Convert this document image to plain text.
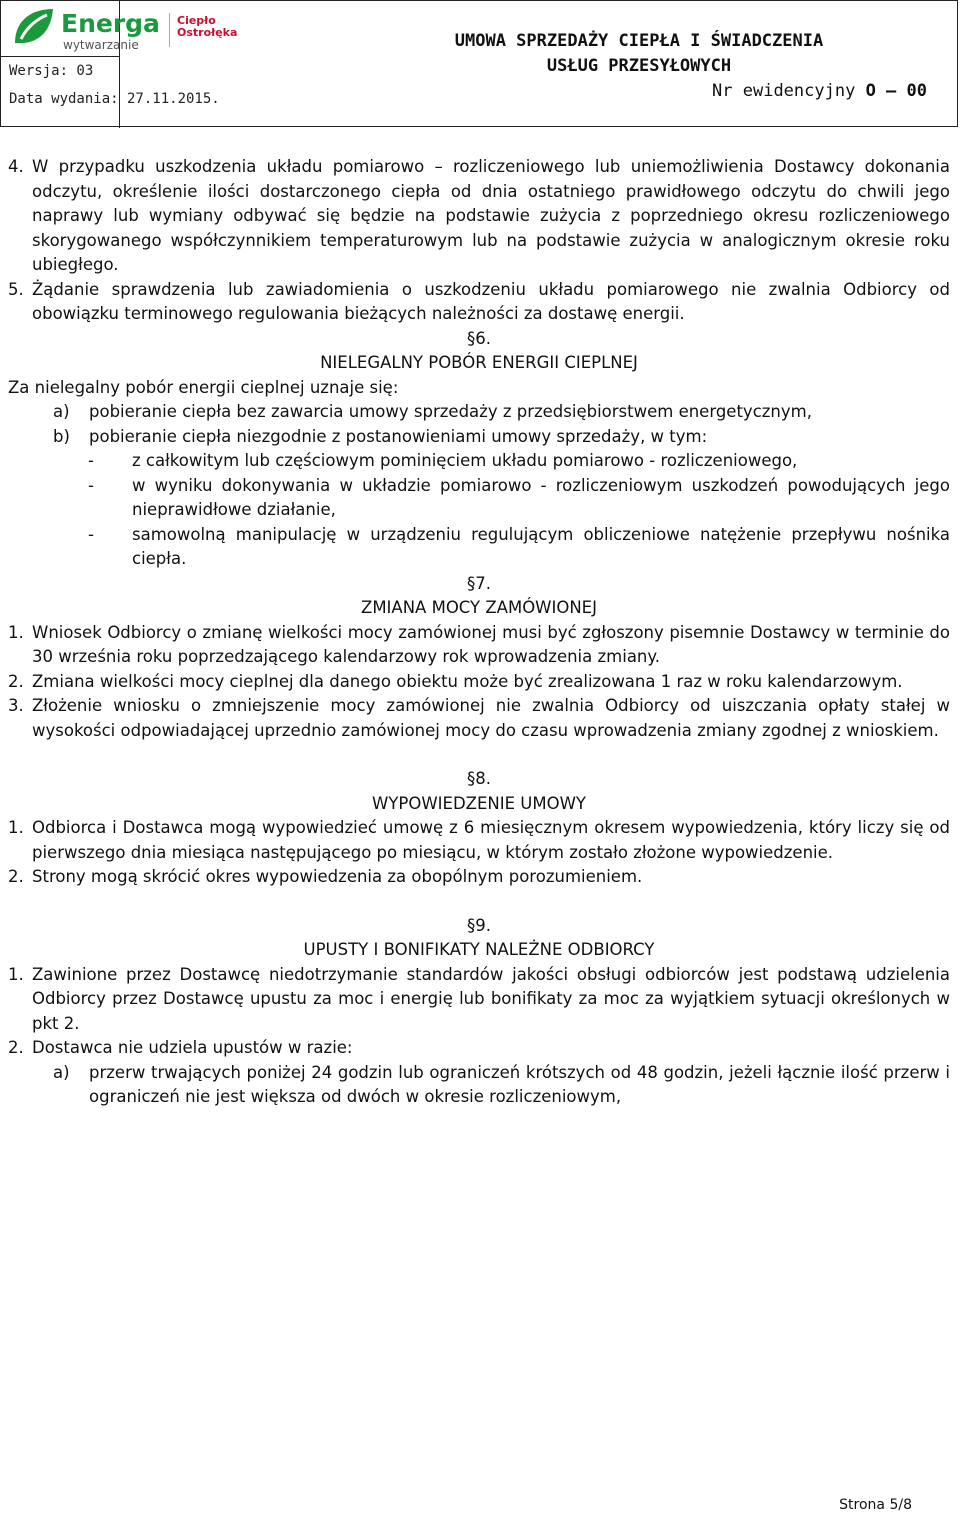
Energa
wytwarzanie
Ciepło
Ostrołęka
Wersja: 03
Data wydania: 27.11.2015.
UMOWA SPRZEDAŻY CIEPŁA I ŚWIADCZENIA
USŁUG PRZESYŁOWYCH
Nr ewidencyjny O – 00
4. W przypadku uszkodzenia układu pomiarowo – rozliczeniowego lub uniemożliwienia Dostawcy dokonania odczytu, określenie ilości dostarczonego ciepła od dnia ostatniego prawidłowego odczytu do chwili jego naprawy lub wymiany odbywać się będzie na podstawie zużycia z poprzedniego okresu rozliczeniowego skorygowanego współczynnikiem temperaturowym lub na podstawie zużycia w analogicznym okresie roku ubiegłego.
5. Żądanie sprawdzenia lub zawiadomienia o uszkodzeniu układu pomiarowego nie zwalnia Odbiorcy od obowiązku terminowego regulowania bieżących należności za dostawę energii.
§6.
NIELEGALNY POBÓR ENERGII CIEPLNEJ
Za nielegalny pobór energii cieplnej uznaje się:
a)	pobieranie ciepła bez zawarcia umowy sprzedaży z przedsiębiorstwem energetycznym,
b)	pobieranie ciepła niezgodnie z postanowieniami umowy sprzedaży, w tym:
-	z całkowitym lub częściowym pominięciem układu pomiarowo - rozliczeniowego,
-	w wyniku dokonywania w układzie pomiarowo - rozliczeniowym uszkodzeń powodujących jego nieprawidłowe działanie,
-	samowolną manipulację w urządzeniu regulującym obliczeniowe natężenie przepływu nośnika ciepła.
§7.
ZMIANA MOCY ZAMÓWIONEJ
1. Wniosek Odbiorcy o zmianę wielkości mocy zamówionej musi być zgłoszony pisemnie Dostawcy w terminie do 30 września roku poprzedzającego kalendarzowy rok wprowadzenia zmiany.
2. Zmiana wielkości mocy cieplnej dla danego obiektu może być zrealizowana 1 raz w roku kalendarzowym.
3. Złożenie wniosku o zmniejszenie mocy zamówionej nie zwalnia Odbiorcy od uiszczania opłaty stałej w wysokości odpowiadającej uprzednio zamówionej mocy do czasu wprowadzenia zmiany zgodnej z wnioskiem.
§8.
WYPOWIEDZENIE UMOWY
1. Odbiorca i Dostawca mogą wypowiedzieć umowę z 6 miesięcznym okresem wypowiedzenia, który liczy się od pierwszego dnia miesiąca następującego po miesiącu, w którym zostało złożone wypowiedzenie.
2. Strony mogą skrócić okres wypowiedzenia za obopólnym porozumieniem.
§9.
UPUSTY I BONIFIKATY NALEŻNE ODBIORCY
1. Zawinione przez Dostawcę niedotrzymanie standardów jakości obsługi odbiorców jest podstawą udzielenia Odbiorcy przez Dostawcę upustu za moc i energię lub bonifikaty za moc za wyjątkiem sytuacji określonych w pkt 2.
2. Dostawca nie udziela upustów w razie:
a)	przerw trwających poniżej 24 godzin lub ograniczeń krótszych od 48 godzin, jeżeli łącznie ilość przerw i ograniczeń nie jest większa od dwóch w okresie rozliczeniowym,
Strona 5/8
